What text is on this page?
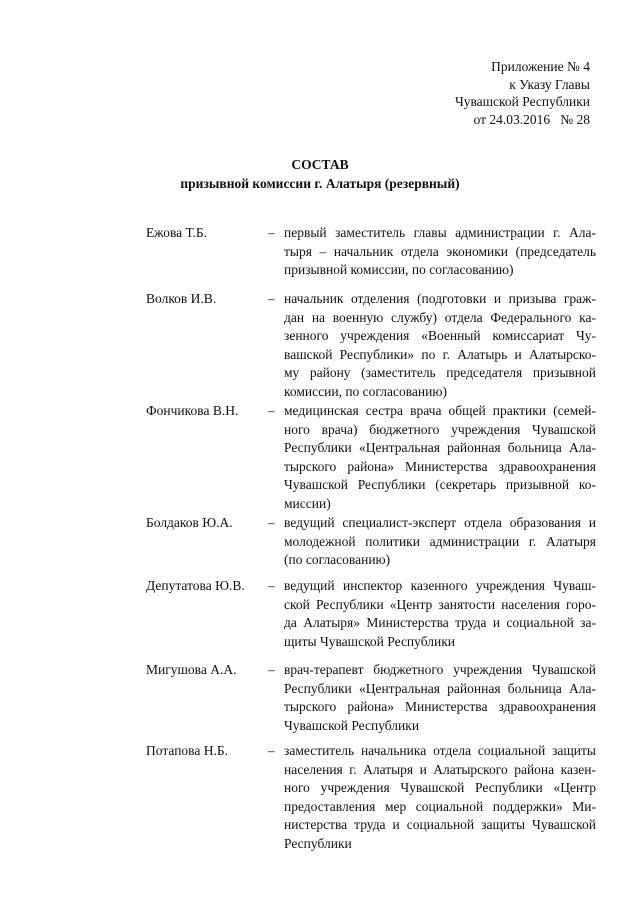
Приложение № 4
к Указу Главы
Чувашской Республики
от 24.03.2016   № 28
СОСТАВ
призывной комиссии г. Алатыря (резервный)
Ежова Т.Б.	– первый заместитель главы администрации г. Ала-
тыря – начальник отдела экономики (председатель
призывной комиссии, по согласованию)
Волков И.В.	– начальник отделения (подготовки и призыва граж-
дан на военную службу) отдела Федерального ка-
зенного учреждения «Военный комиссариат Чу-
вашской Республики» по г. Алатырь и Алатырско-
му району (заместитель председателя призывной
комиссии, по согласованию)
Фончикова В.Н. – медицинская сестра врача общей практики (семей-
ного врача) бюджетного учреждения Чувашской
Республики «Центральная районная больница Ала-
тырского района» Министерства здравоохранения
Чувашской Республики (секретарь призывной ко-
миссии)
Болдаков Ю.А.	– ведущий специалист-эксперт отдела образования и
молодежной политики администрации г. Алатыря
(по согласованию)
Депутатова Ю.В. – ведущий инспектор казенного учреждения Чуваш-
ской Республики «Центр занятости населения горо-
да Алатыря» Министерства труда и социальной за-
щиты Чувашской Республики
Мигушова А.А. – врач-терапевт бюджетного учреждения Чувашской
Республики «Центральная районная больница Ала-
тырского района» Министерства здравоохранения
Чувашской Республики
Потапова Н.Б.	– заместитель начальника отдела социальной защиты
населения г. Алатыря и Алатырского района казен-
ного учреждения Чувашской Республики «Центр
предоставления мер социальной поддержки» Ми-
нистерства труда и социальной защиты Чувашской
Республики
